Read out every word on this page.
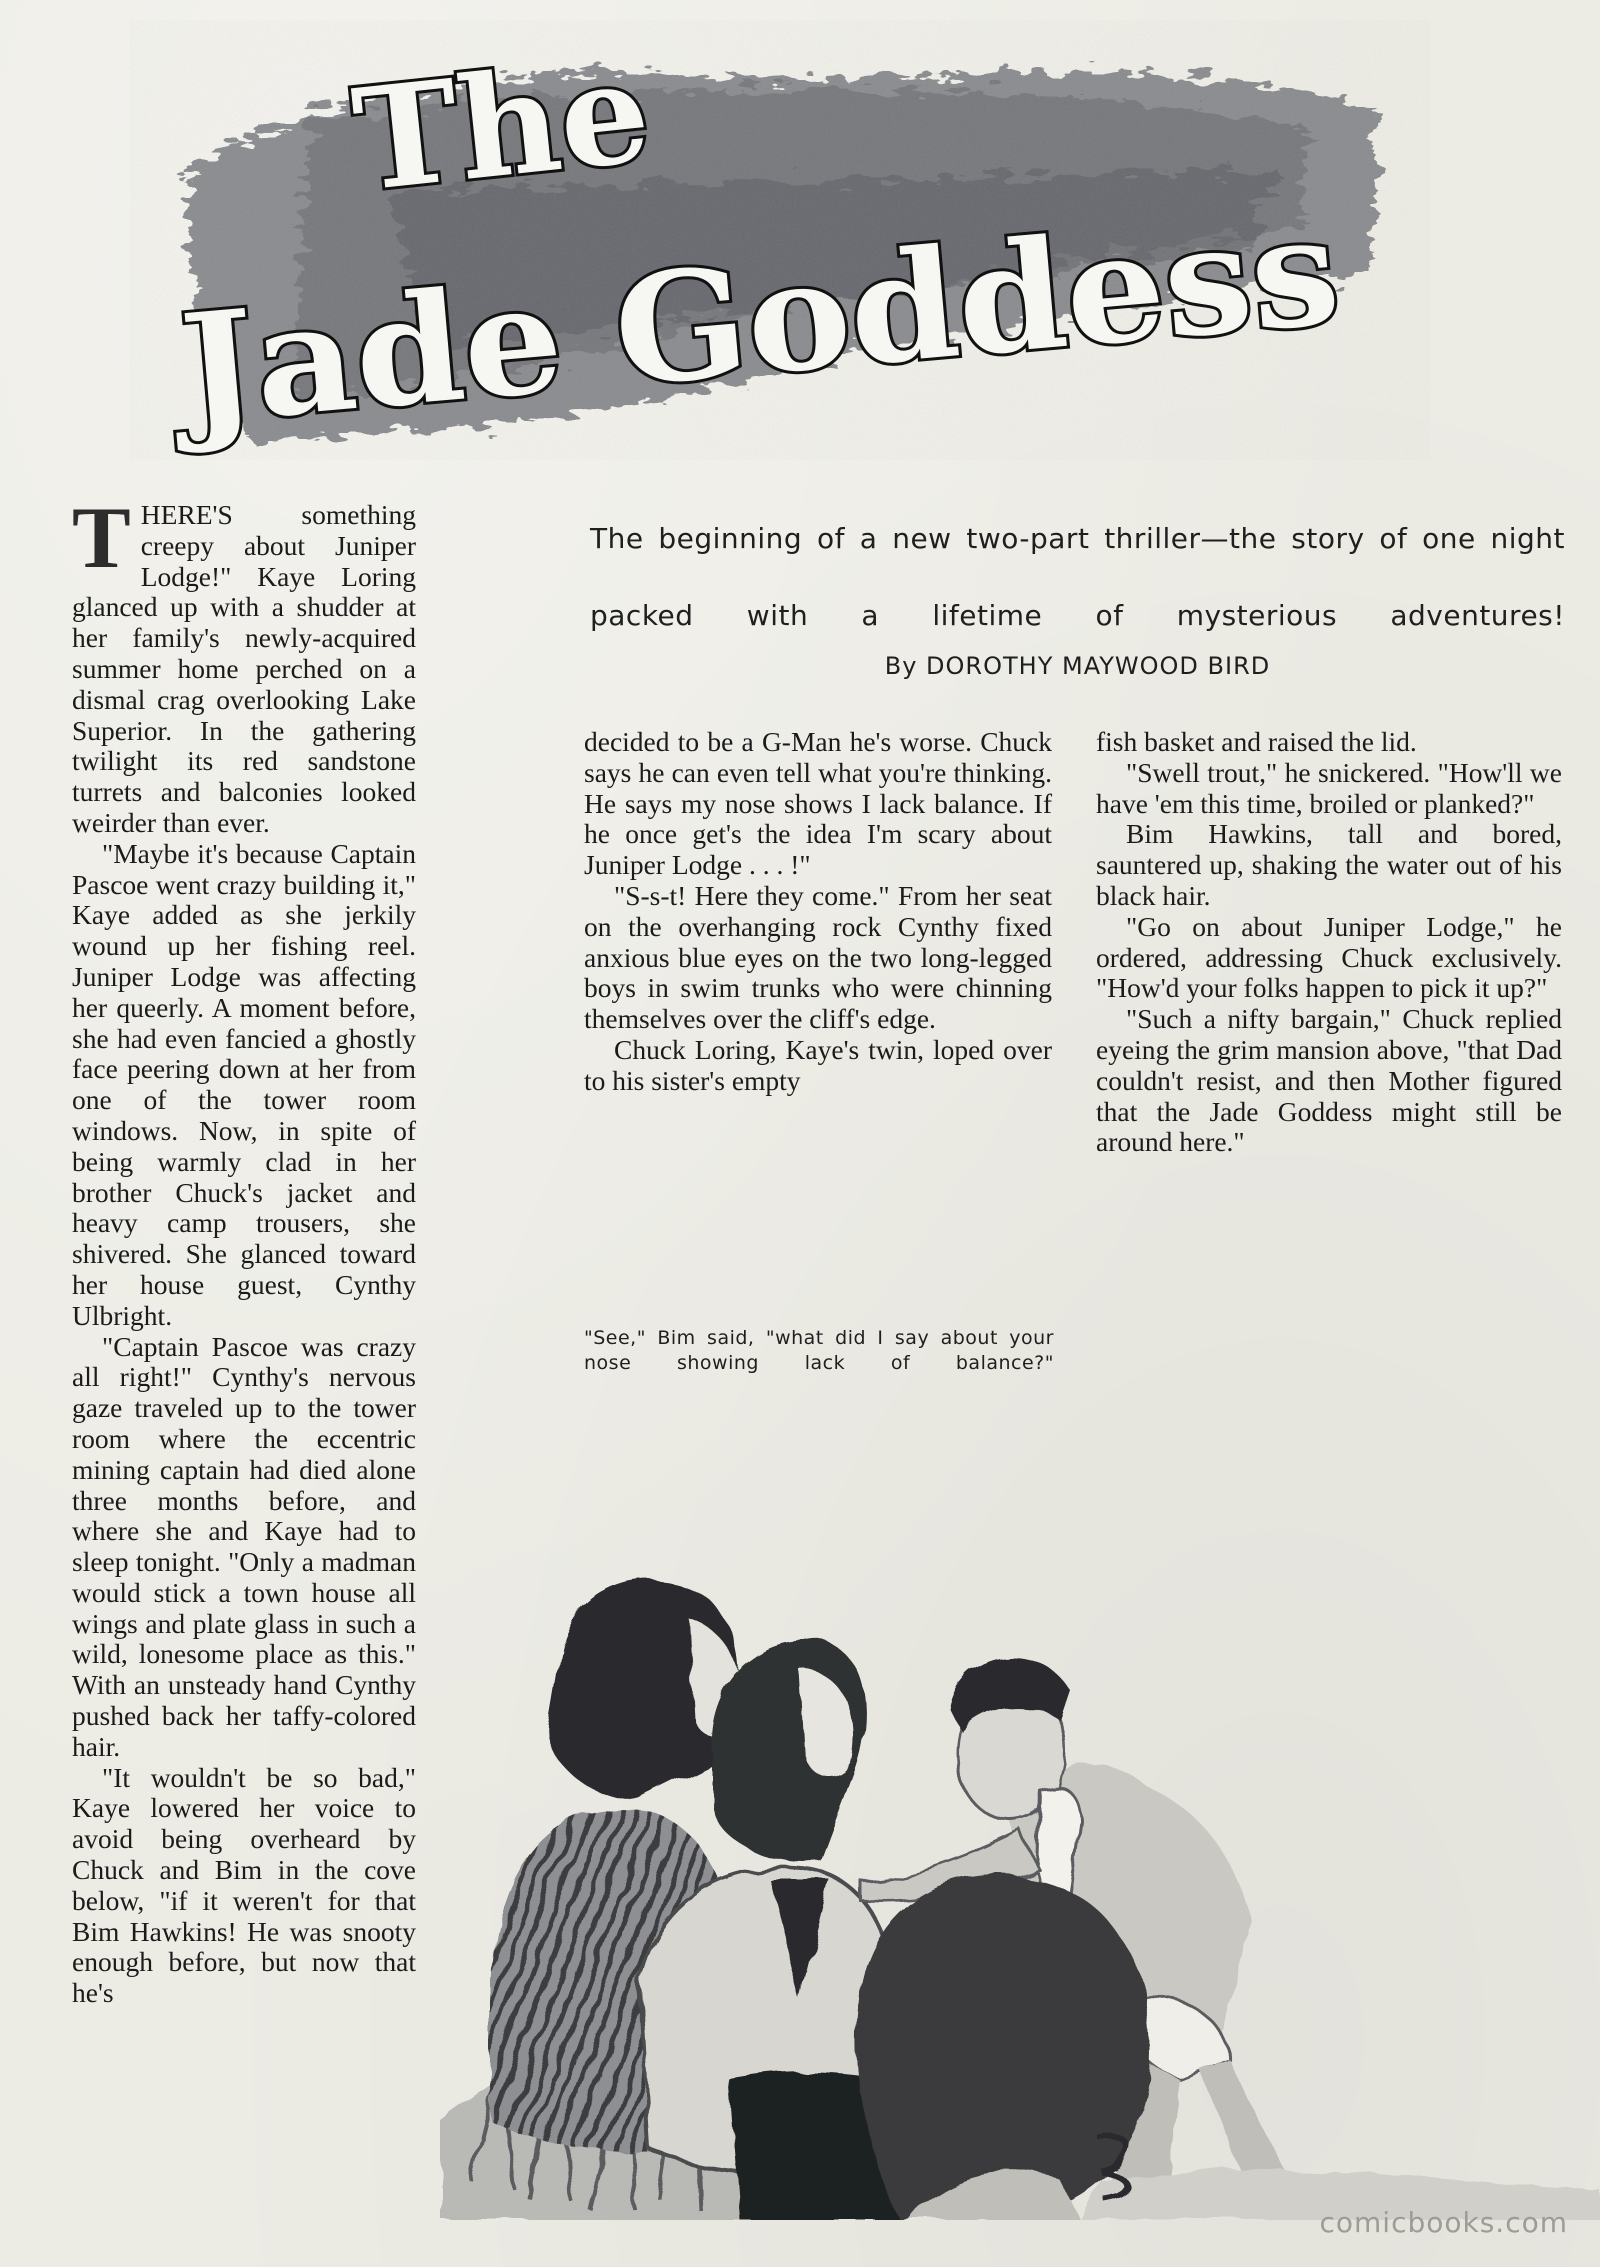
The
Jade Goddess
T HERE'S something creepy about Juniper Lodge!" Kaye Loring glanced up with a shudder at her family's newly-acquired summer home perched on a dismal crag overlooking Lake Superior. In the gathering twilight its red sandstone turrets and balconies looked weirder than ever.

"Maybe it's because Captain Pascoe went crazy building it," Kaye added as she jerkily wound up her fishing reel. Juniper Lodge was affecting her queerly. A moment before, she had even fancied a ghostly face peering down at her from one of the tower room windows. Now, in spite of being warmly clad in her brother Chuck's jacket and heavy camp trousers, she shivered. She glanced toward her house guest, Cynthy Ulbright.

"Captain Pascoe was crazy all right!" Cynthy's nervous gaze traveled up to the tower room where the eccentric mining captain had died alone three months before, and where she and Kaye had to sleep tonight. "Only a madman would stick a town house all wings and plate glass in such a wild, lonesome place as this." With an unsteady hand Cynthy pushed back her taffy-colored hair.

"It wouldn't be so bad," Kaye lowered her voice to avoid being overheard by Chuck and Bim in the cove below, "if it weren't for that Bim Hawkins! He was snooty enough before, but now that he's

The beginning of a new two-part thriller—the story of one night packed with a lifetime of mysterious adventures!
By DOROTHY MAYWOOD BIRD

decided to be a G-Man he's worse. Chuck says he can even tell what you're thinking. He says my nose shows I lack balance. If he once get's the idea I'm scary about Juniper Lodge . . . !"

"S-s-t! Here they come." From her seat on the overhanging rock Cynthy fixed anxious blue eyes on the two long-legged boys in swim trunks who were chinning themselves over the cliff's edge.

Chuck Loring, Kaye's twin, loped over to his sister's empty

fish basket and raised the lid.

"Swell trout," he snickered. "How'll we have 'em this time, broiled or planked?"

Bim Hawkins, tall and bored, sauntered up, shaking the water out of his black hair.

"Go on about Juniper Lodge," he ordered, addressing Chuck exclusively. "How'd your folks happen to pick it up?"

"Such a nifty bargain," Chuck replied eyeing the grim mansion above, "that Dad couldn't resist, and then Mother figured that the Jade Goddess might still be around here."

"See," Bim said, "what did I say about your nose showing lack of balance?"
comicbooks.com
